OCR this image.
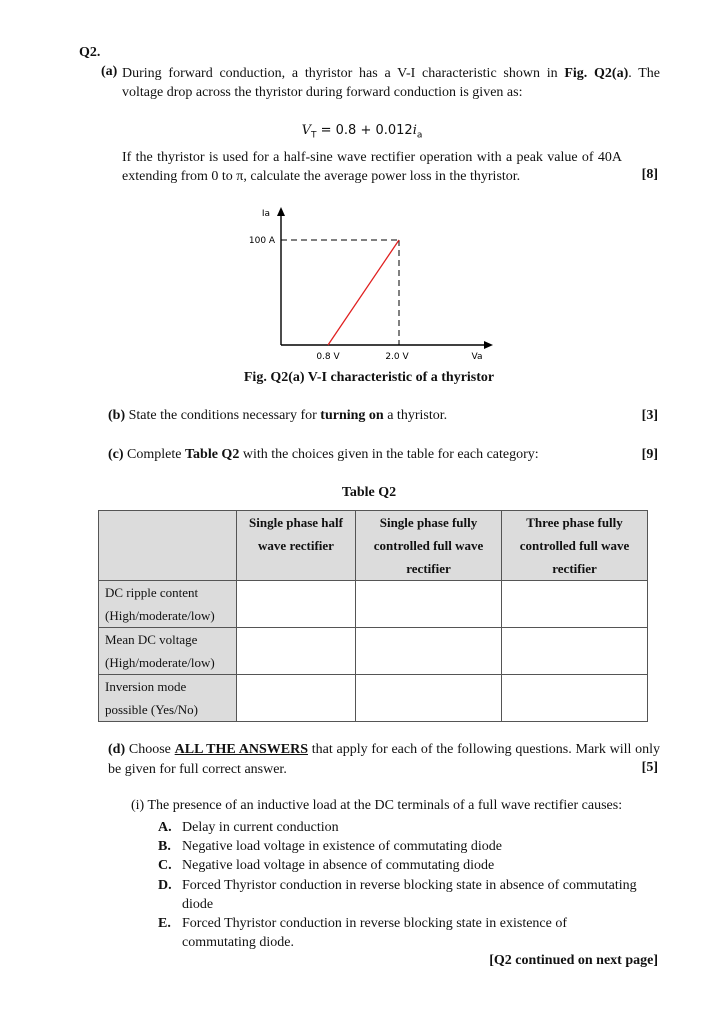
Q2.
(a) During forward conduction, a thyristor has a V-I characteristic shown in Fig. Q2(a). The voltage drop across the thyristor during forward conduction is given as:
$V_T = 0.8 + 0.012i_a$
If the thyristor is used for a half-sine wave rectifier operation with a peak value of 40A extending from 0 to π, calculate the average power loss in the thyristor.	[8]
Ia
Va
100 A
0.8 V	2.0 V
Fig. Q2(a) V-I characteristic of a thyristor
(b) State the conditions necessary for turning on a thyristor.	[3]
(c) Complete Table Q2 with the choices given in the table for each category:	[9]
Table Q2
	Single phase half wave rectifier	Single phase fully controlled full wave rectifier	Three phase fully controlled full wave rectifier
DC ripple content
(High/moderate/low)			
Mean DC voltage
(High/moderate/low)			
Inversion mode
possible (Yes/No)			
(d) Choose ALL THE ANSWERS that apply for each of the following questions. Mark will only be given for full correct answer.	[5]
(i) The presence of an inductive load at the DC terminals of a full wave rectifier causes:
A. Delay in current conduction
B. Negative load voltage in existence of commutating diode
C. Negative load voltage in absence of commutating diode
D. Forced Thyristor conduction in reverse blocking state in absence of commutating diode
E. Forced Thyristor conduction in reverse blocking state in existence of commutating diode.
[Q2 continued on next page]
